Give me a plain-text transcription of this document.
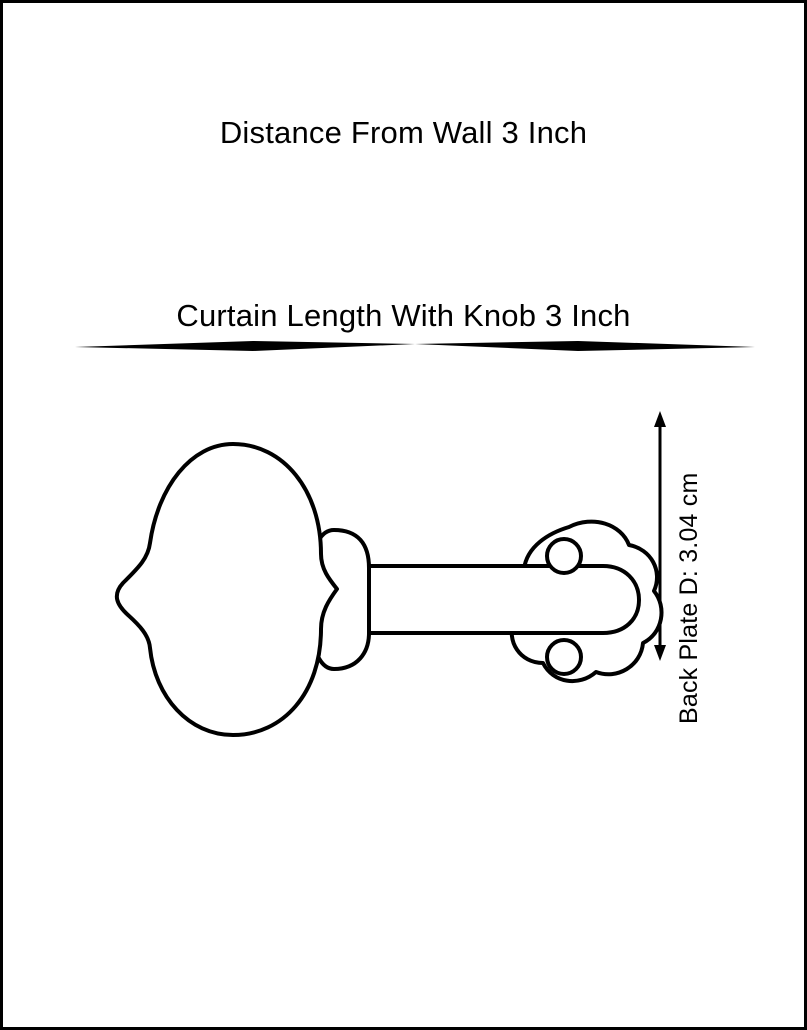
Distance From Wall 3 Inch
Curtain Length With Knob 3 Inch
Back Plate D: 3.04 cm
